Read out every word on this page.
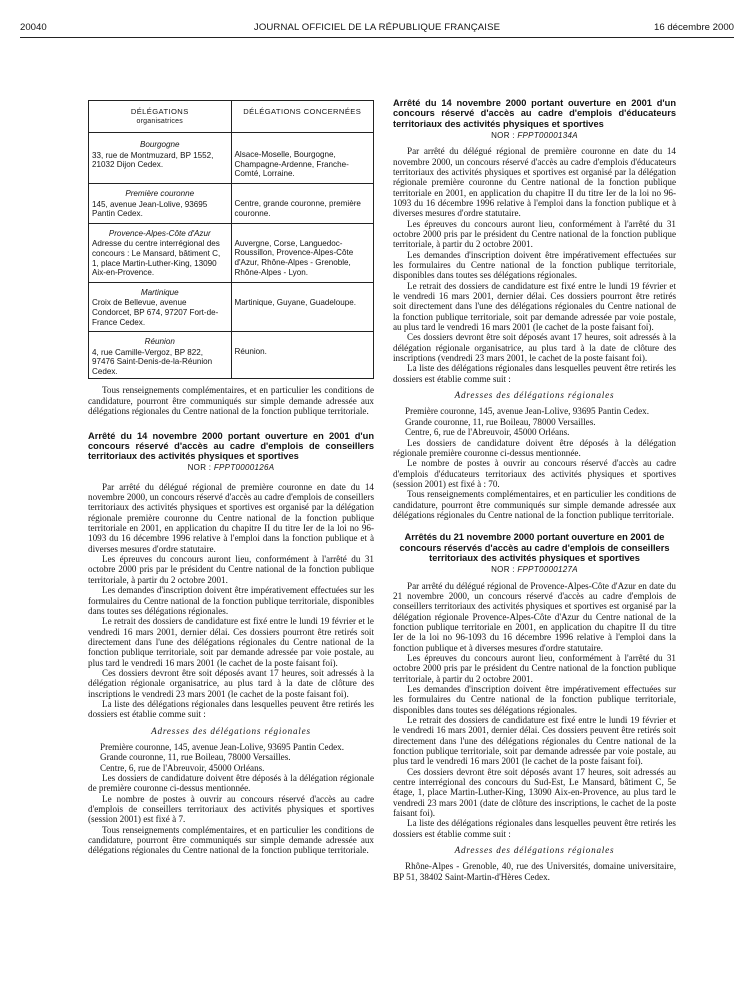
20040	JOURNAL OFFICIEL DE LA RÉPUBLIQUE FRANÇAISE	16 décembre 2000
DÉLÉGATIONS
organisatrices	DÉLÉGATIONS CONCERNÉES

Bourgogne
33, rue de Montmuzard, BP 1552, 21032 Dijon Cedex.	Alsace-Moselle, Bourgogne, Champagne-Ardenne, Franche-Comté, Lorraine.

Première couronne
145, avenue Jean-Lolive, 93695 Pantin Cedex.	Centre, grande couronne, première couronne.

Provence-Alpes-Côte d'Azur
Adresse du centre interrégional des concours : Le Mansard, bâtiment C, 1, place Martin-Luther-King, 13090 Aix-en-Provence.	Auvergne, Corse, Languedoc-Roussillon, Provence-Alpes-Côte d'Azur, Rhône-Alpes - Grenoble, Rhône-Alpes - Lyon.

Martinique
Croix de Bellevue, avenue Condorcet, BP 674, 97207 Fort-de-France Cedex.	Martinique, Guyane, Guadeloupe.

Réunion
4, rue Camille-Vergoz, BP 822, 97476 Saint-Denis-de-la-Réunion Cedex.	Réunion.

Tous renseignements complémentaires, et en particulier les conditions de candidature, pourront être communiqués sur simple demande adressée aux délégations régionales du Centre national de la fonction publique territoriale.

Arrêté du 14 novembre 2000 portant ouverture en 2001 d'un concours réservé d'accès au cadre d'emplois de conseillers territoriaux des activités physiques et sportives
NOR : FPPT0000126A

Par arrêté du délégué régional de première couronne en date du 14 novembre 2000, un concours réservé d'accès au cadre d'emplois de conseillers territoriaux des activités physiques et sportives est organisé par la délégation régionale première couronne du Centre national de la fonction publique territoriale en 2001, en application du chapitre II du titre Ier de la loi no 96-1093 du 16 décembre 1996 relative à l'emploi dans la fonction publique et à diverses mesures d'ordre statutaire.

Les épreuves du concours auront lieu, conformément à l'arrêté du 31 octobre 2000 pris par le président du Centre national de la fonction publique territoriale, à partir du 2 octobre 2001.

Les demandes d'inscription doivent être impérativement effectuées sur les formulaires du Centre national de la fonction publique territoriale, disponibles dans toutes ses délégations régionales.

Le retrait des dossiers de candidature est fixé entre le lundi 19 février et le vendredi 16 mars 2001, dernier délai. Ces dossiers pourront être retirés soit directement dans l'une des délégations régionales du Centre national de la fonction publique territoriale, soit par demande adressée par voie postale, au plus tard le vendredi 16 mars 2001 (le cachet de la poste faisant foi).

Ces dossiers devront être soit déposés avant 17 heures, soit adressés à la délégation régionale organisatrice, au plus tard à la date de clôture des inscriptions le vendredi 23 mars 2001 (le cachet de la poste faisant foi).

La liste des délégations régionales dans lesquelles peuvent être retirés les dossiers est établie comme suit :

Adresses des délégations régionales

Première couronne, 145, avenue Jean-Lolive, 93695 Pantin Cedex.

Grande couronne, 11, rue Boileau, 78000 Versailles.

Centre, 6, rue de l'Abreuvoir, 45000 Orléans.

Les dossiers de candidature doivent être déposés à la délégation régionale de première couronne ci-dessus mentionnée.

Le nombre de postes à ouvrir au concours réservé d'accès au cadre d'emplois de conseillers territoriaux des activités physiques et sportives (session 2001) est fixé à 7.

Tous renseignements complémentaires, et en particulier les conditions de candidature, pourront être communiqués sur simple demande adressée aux délégations régionales du Centre national de la fonction publique territoriale.

Arrêté du 14 novembre 2000 portant ouverture en 2001 d'un concours réservé d'accès au cadre d'emplois d'éducateurs territoriaux des activités physiques et sportives
NOR : FPPT0000134A

Par arrêté du délégué régional de première couronne en date du 14 novembre 2000, un concours réservé d'accès au cadre d'emplois d'éducateurs territoriaux des activités physiques et sportives est organisé par la délégation régionale première couronne du Centre national de la fonction publique territoriale en 2001, en application du chapitre II du titre Ier de la loi no 96-1093 du 16 décembre 1996 relative à l'emploi dans la fonction publique et à diverses mesures d'ordre statutaire.

Les épreuves du concours auront lieu, conformément à l'arrêté du 31 octobre 2000 pris par le président du Centre national de la fonction publique territoriale, à partir du 2 octobre 2001.

Les demandes d'inscription doivent être impérativement effectuées sur les formulaires du Centre national de la fonction publique territoriale, disponibles dans toutes ses délégations régionales.

Le retrait des dossiers de candidature est fixé entre le lundi 19 février et le vendredi 16 mars 2001, dernier délai. Ces dossiers pourront être retirés soit directement dans l'une des délégations régionales du Centre national de la fonction publique territoriale, soit par demande adressée par voie postale, au plus tard le vendredi 16 mars 2001 (le cachet de la poste faisant foi).

Ces dossiers devront être soit déposés avant 17 heures, soit adressés à la délégation régionale organisatrice, au plus tard à la date de clôture des inscriptions (vendredi 23 mars 2001, le cachet de la poste faisant foi).

La liste des délégations régionales dans lesquelles peuvent être retirés les dossiers est établie comme suit :

Adresses des délégations régionales

Première couronne, 145, avenue Jean-Lolive, 93695 Pantin Cedex.

Grande couronne, 11, rue Boileau, 78000 Versailles.

Centre, 6, rue de l'Abreuvoir, 45000 Orléans.

Les dossiers de candidature doivent être déposés à la délégation régionale première couronne ci-dessus mentionnée.

Le nombre de postes à ouvrir au concours réservé d'accès au cadre d'emplois d'éducateurs territoriaux des activités physiques et sportives (session 2001) est fixé à : 70.

Tous renseignements complémentaires, et en particulier les conditions de candidature, pourront être communiqués sur simple demande adressée aux délégations régionales du Centre national de la fonction publique territoriale.

Arrêtés du 21 novembre 2000 portant ouverture en 2001 de concours réservés d'accès au cadre d'emplois de conseillers territoriaux des activités physiques et sportives
NOR : FPPT0000127A

Par arrêté du délégué régional de Provence-Alpes-Côte d'Azur en date du 21 novembre 2000, un concours réservé d'accès au cadre d'emplois de conseillers territoriaux des activités physiques et sportives est organisé par la délégation régionale Provence-Alpes-Côte d'Azur du Centre national de la fonction publique territoriale en 2001, en application du chapitre II du titre Ier de la loi no 96-1093 du 16 décembre 1996 relative à l'emploi dans la fonction publique et à diverses mesures d'ordre statutaire.

Les épreuves du concours auront lieu, conformément à l'arrêté du 31 octobre 2000 pris par le président du Centre national de la fonction publique territoriale, à partir du 2 octobre 2001.

Les demandes d'inscription doivent être impérativement effectuées sur les formulaires du Centre national de la fonction publique territoriale, disponibles dans toutes ses délégations régionales.

Le retrait des dossiers de candidature est fixé entre le lundi 19 février et le vendredi 16 mars 2001, dernier délai. Ces dossiers peuvent être retirés soit directement dans l'une des délégations régionales du Centre national de la fonction publique territoriale, soit par demande adressée par voie postale, au plus tard le vendredi 16 mars 2001 (le cachet de la poste faisant foi).

Ces dossiers devront être soit déposés avant 17 heures, soit adressés au centre interrégional des concours du Sud-Est, Le Mansard, bâtiment C, 5e étage, 1, place Martin-Luther-King, 13090 Aix-en-Provence, au plus tard le vendredi 23 mars 2001 (date de clôture des inscriptions, le cachet de la poste faisant foi).

La liste des délégations régionales dans lesquelles peuvent être retirés les dossiers est établie comme suit :

Adresses des délégations régionales

Rhône-Alpes - Grenoble, 40, rue des Universités, domaine universitaire, BP 51, 38402 Saint-Martin-d'Hères Cedex.
